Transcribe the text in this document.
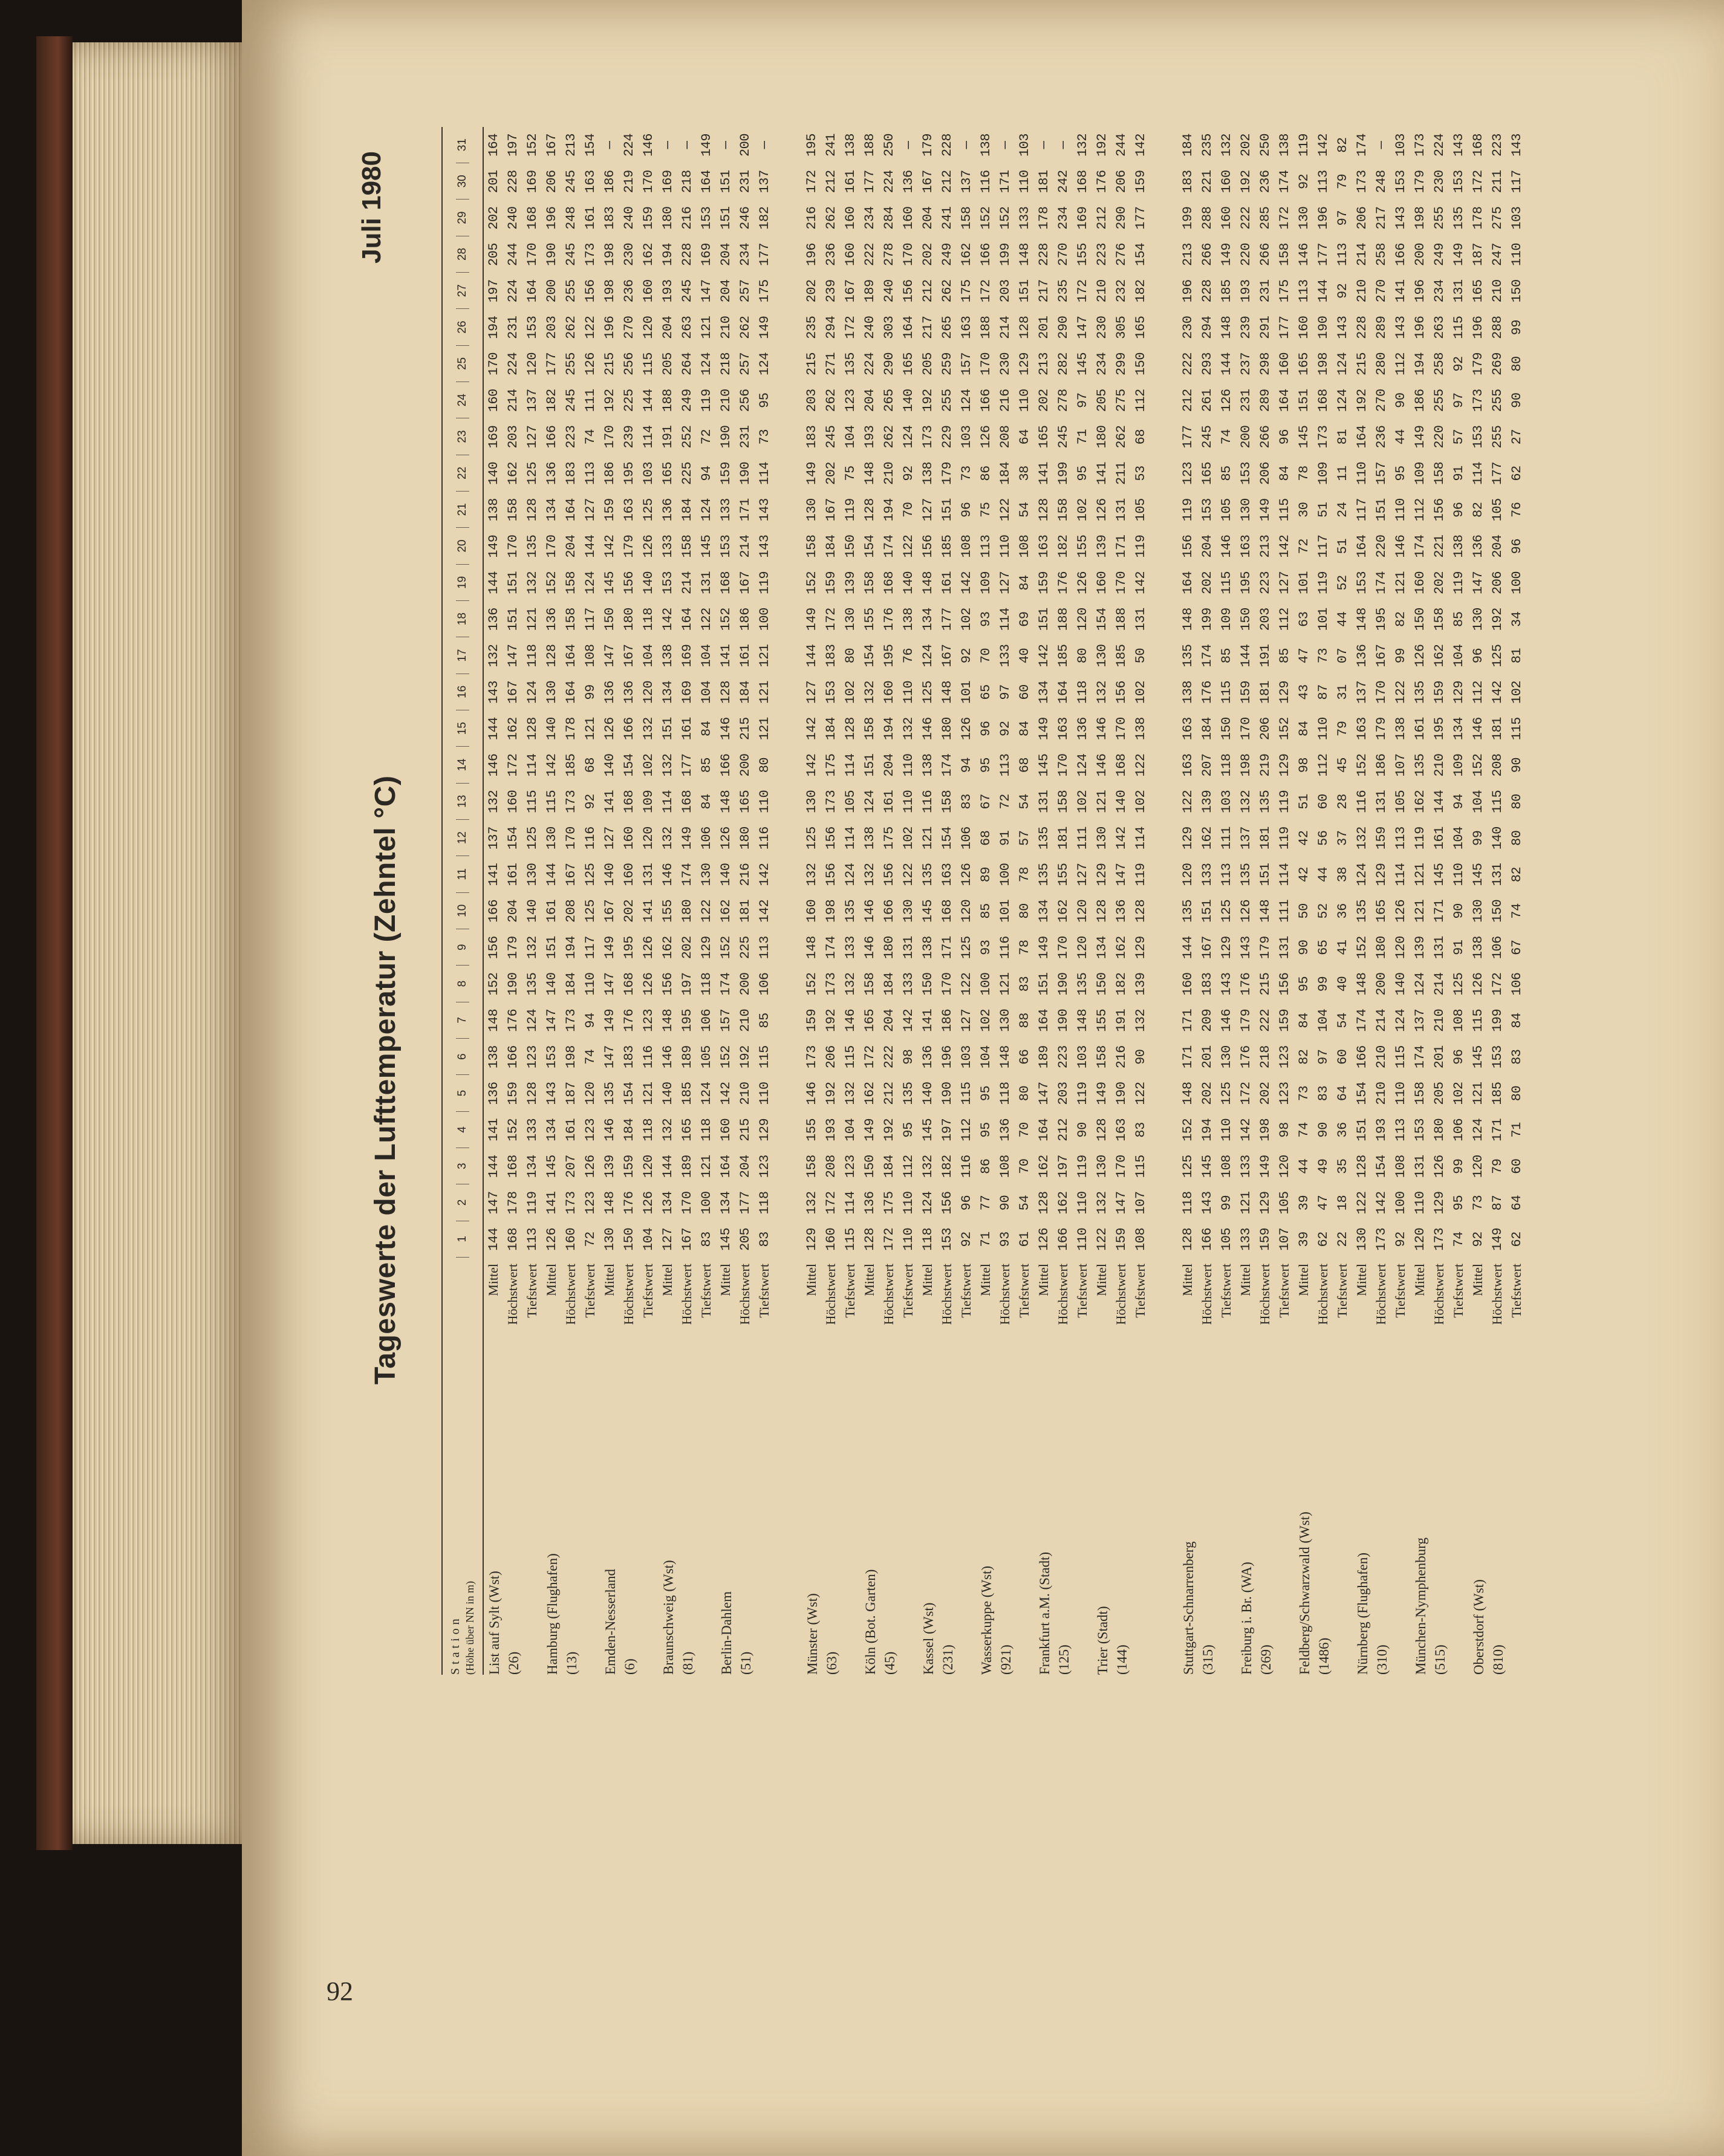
92
Tageswerte der Lufttemperatur (Zehntel °C)
Juli 1980
Station (Höhe über NN in m)
1
2
3
4
5
6
7
8
9
10
11
12
13
14
15
16
17
18
19
20
21
22
23
24
25
26
27
28
29
30
31
List auf Sylt (Wst) (26)
Mittel Höchstwert Tiefstwert
144
147
144
141
136
138
148
152
156
166
141
137
132
146
144
143
132
136
144
149
138
140
169
160
170
194
197
205
202
201
164
168
178
168
152
159
166
176
190
179
204
161
154
160
172
162
167
147
151
151
170
158
162
203
214
224
231
224
244
240
228
197
113
119
134
133
128
123
124
135
132
140
130
125
115
114
128
124
118
121
132
135
128
125
127
137
120
153
164
170
168
169
152
Hamburg (Flughafen) (13)
Mittel Höchstwert Tiefstwert
126
141
145
134
143
153
147
140
151
161
144
130
115
142
140
130
128
136
152
170
134
136
166
182
177
203
200
190
196
206
167
160
173
207
161
187
198
173
184
194
208
167
170
173
185
178
164
164
158
158
204
164
183
223
245
255
262
255
245
248
245
213
72
123
126
123
120
74
94
110
117
125
125
116
92
68
121
99
108
117
124
144
127
113
74
111
126
122
156
173
161
163
154
Emden-Nesserland (6)
Mittel Höchstwert Tiefstwert
130
148
139
146
135
147
149
147
149
167
140
127
141
140
126
136
147
150
145
142
159
186
170
192
215
196
198
198
183
186
—
150
176
159
184
154
183
176
168
195
202
160
160
168
154
166
136
167
180
156
179
163
195
239
225
256
270
236
230
240
219
224
104
126
120
118
121
116
123
126
126
141
131
120
109
102
132
120
104
118
140
126
125
103
114
144
115
120
160
162
159
170
146
Braunschweig (Wst) (81)
Mittel Höchstwert Tiefstwert
127
134
144
132
140
146
148
156
162
155
146
132
114
132
151
134
138
142
153
133
136
165
191
188
205
204
193
194
180
169
—
167
170
189
165
185
189
195
197
202
180
174
149
168
177
161
169
169
164
214
158
184
225
252
249
264
263
245
228
216
218
—
83
100
121
118
124
105
106
118
129
122
130
106
84
85
84
104
104
122
131
145
124
94
72
119
124
121
147
169
153
164
149
Berlin-Dahlem (51)
Mittel Höchstwert Tiefstwert
145
134
164
160
142
152
157
174
152
162
140
126
148
166
146
128
141
152
168
153
133
159
190
210
218
210
204
204
151
151
—
205
177
204
215
210
192
210
200
225
181
216
180
165
200
215
184
161
186
167
214
171
190
231
256
257
262
257
234
246
231
200
83
118
123
129
110
115
85
106
113
142
142
116
110
80
121
121
121
100
119
143
143
114
73
95
124
149
175
177
182
137
—
Münster (Wst) (63)
Mittel Höchstwert Tiefstwert
129
132
158
155
146
173
159
152
148
160
132
125
130
142
142
127
144
149
152
158
130
149
183
203
215
235
202
196
216
172
195
160
172
208
193
192
206
192
173
174
198
156
156
173
175
184
153
183
172
159
184
167
202
245
262
271
294
239
236
262
212
241
115
114
123
104
132
115
146
132
133
135
124
114
105
114
128
102
80
130
139
150
119
75
104
123
135
172
167
160
160
161
138
Köln (Bot. Garten) (45)
Mittel Höchstwert Tiefstwert
128
136
150
149
162
172
165
158
146
146
132
138
124
151
158
132
154
155
158
154
128
148
193
204
224
240
189
222
234
177
188
172
175
184
192
212
222
204
184
180
166
156
175
161
204
194
160
195
176
168
174
194
210
262
265
290
303
240
278
284
224
250
110
110
112
95
135
98
142
133
131
130
122
102
110
110
132
110
76
138
140
122
70
92
124
140
165
164
156
170
160
136
—
Kassel (Wst) (231)
Mittel Höchstwert Tiefstwert
118
124
132
145
140
136
141
150
138
145
135
121
116
138
146
125
124
134
148
156
127
138
173
192
205
217
212
202
204
167
179
153
156
182
197
190
196
186
170
171
168
163
154
158
174
180
148
167
177
161
185
151
179
229
255
259
265
262
249
241
212
228
92
96
116
112
115
103
127
122
125
120
126
106
83
94
126
101
92
102
142
108
96
73
103
124
157
163
175
162
158
137
—
Wasserkuppe (Wst) (921)
Mittel Höchstwert Tiefstwert
71
77
86
95
95
104
102
100
93
85
89
68
67
95
96
65
70
93
109
113
75
86
126
166
170
188
172
166
152
116
138
93
90
108
136
118
148
130
121
116
101
100
91
72
113
92
97
133
114
127
110
122
184
208
216
230
214
203
199
152
171
—
61
54
70
70
80
66
88
83
78
80
78
57
54
68
84
60
40
69
84
108
54
38
64
110
129
128
151
148
133
110
103
Frankfurt a.M. (Stadt) (125)
Mittel Höchstwert Tiefstwert
126
128
162
164
147
189
164
151
149
134
135
135
131
145
149
134
142
151
159
163
128
141
165
202
213
201
217
228
178
181
—
166
162
197
212
203
223
190
190
170
162
155
181
158
170
163
164
185
188
176
182
158
199
245
278
282
290
235
270
234
242
—
110
110
119
90
119
103
148
135
120
120
127
111
102
124
136
118
80
120
126
155
102
95
71
97
145
147
172
155
169
168
132
Trier (Stadt) (144)
Mittel Höchstwert Tiefstwert
122
132
130
128
149
158
155
150
134
128
129
130
121
146
146
132
130
154
160
139
126
141
180
205
234
230
210
223
212
176
192
159
147
170
163
190
216
191
182
162
136
147
142
140
168
170
156
185
188
170
171
131
211
262
275
299
305
232
276
290
206
244
108
107
115
83
122
90
132
139
129
128
119
114
102
122
138
102
50
131
142
119
105
53
68
112
150
165
182
154
177
159
142
Stuttgart-Schnarrenberg (315)
Mittel Höchstwert Tiefstwert
128
118
125
152
148
171
171
160
144
135
120
129
122
163
163
138
135
148
164
156
119
123
177
212
222
230
196
213
199
183
184
166
143
145
194
202
201
209
183
167
151
133
162
139
207
184
176
174
199
202
204
153
165
245
261
293
294
228
266
288
221
235
105
99
108
110
125
130
146
143
129
125
113
111
103
118
150
115
85
109
115
146
105
85
74
126
144
148
185
149
160
160
132
Freiburg i. Br. (WA) (269)
Mittel Höchstwert Tiefstwert
133
121
133
142
172
176
179
176
143
126
135
137
132
198
170
159
144
150
195
163
130
153
200
231
237
239
193
220
222
192
202
159
129
149
198
202
218
222
215
179
148
151
181
135
219
206
181
191
203
223
213
149
206
266
289
298
291
231
266
285
236
250
107
105
120
98
123
123
159
156
131
111
114
119
119
129
152
129
85
112
127
142
115
84
96
164
160
177
175
158
172
174
138
Feldberg/Schwarzwald (Wst) (1486)
Mittel Höchstwert Tiefstwert
39
39
44
74
73
82
84
95
90
50
42
42
51
98
84
43
47
63
101
72
30
78
145
151
165
160
113
146
130
92
119
62
47
49
90
83
97
104
99
65
52
44
56
60
112
110
87
73
101
119
117
51
109
173
168
198
190
144
177
196
113
142
22
18
35
36
64
60
54
40
41
36
38
37
28
45
79
31
07
44
52
51
24
11
81
124
124
143
92
113
97
79
82
Nürnberg (Flughafen) (310)
Mittel Höchstwert Tiefstwert
130
122
128
151
154
166
174
148
152
135
124
132
116
152
163
137
136
148
153
164
117
110
164
192
215
228
210
214
206
173
174
173
142
154
193
210
210
214
200
180
165
129
159
131
186
179
170
167
195
174
220
151
157
236
270
280
289
270
258
217
248
—
92
100
108
113
110
115
124
140
120
126
114
113
105
107
138
122
99
82
121
146
110
95
44
90
112
143
141
166
143
153
103
München-Nymphenburg (515)
Mittel Höchstwert Tiefstwert
120
110
131
153
158
174
137
124
139
121
121
119
162
135
161
135
126
150
160
174
112
109
149
186
194
196
196
200
198
179
173
173
129
126
180
205
201
210
214
131
171
145
161
144
210
195
159
162
158
202
221
156
158
220
255
258
263
234
249
255
230
224
74
95
99
106
102
96
108
125
91
90
110
104
94
109
134
129
104
85
119
138
96
91
57
97
92
115
131
149
135
153
143
Oberstdorf (Wst) (810)
Mittel Höchstwert Tiefstwert
92
73
120
124
121
145
115
126
138
130
145
99
104
152
146
112
96
130
147
136
82
114
153
173
179
196
165
187
178
172
168
149
87
79
171
185
153
199
172
106
150
131
140
115
208
181
142
125
192
206
204
105
177
255
255
269
288
210
247
275
211
223
62
64
60
71
80
83
84
106
67
74
82
80
80
90
115
102
81
34
100
96
76
62
27
90
80
99
150
110
103
117
143
